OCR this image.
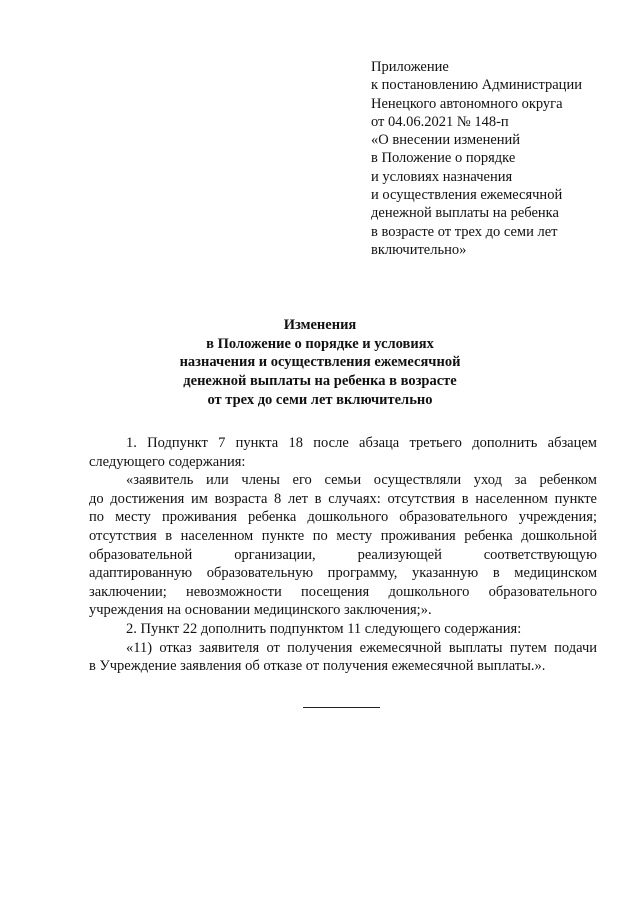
Приложение
к постановлению Администрации
Ненецкого автономного округа
от 04.06.2021 № 148-п
«О внесении изменений
в Положение о порядке
и условиях назначения
и осуществления ежемесячной
денежной выплаты на ребенка
в возрасте от трех до семи лет
включительно»
Изменения
в Положение о порядке и условиях
назначения и осуществления ежемесячной
денежной выплаты на ребенка в возрасте
от трех до семи лет включительно
1. Подпункт 7 пункта 18 после абзаца третьего дополнить абзацем
следующего содержания:
«заявитель или члены его семьи осуществляли уход за ребенком
до достижения им возраста 8 лет в случаях: отсутствия в населенном пункте
по месту проживания ребенка дошкольного образовательного учреждения;
отсутствия в населенном пункте по месту проживания ребенка дошкольной
образовательной организации, реализующей соответствующую
адаптированную образовательную программу, указанную в медицинском
заключении; невозможности посещения дошкольного образовательного
учреждения на основании медицинского заключения;».
2. Пункт 22 дополнить подпунктом 11 следующего содержания:
«11) отказ заявителя от получения ежемесячной выплаты путем подачи
в Учреждение заявления об отказе от получения ежемесячной выплаты.».
